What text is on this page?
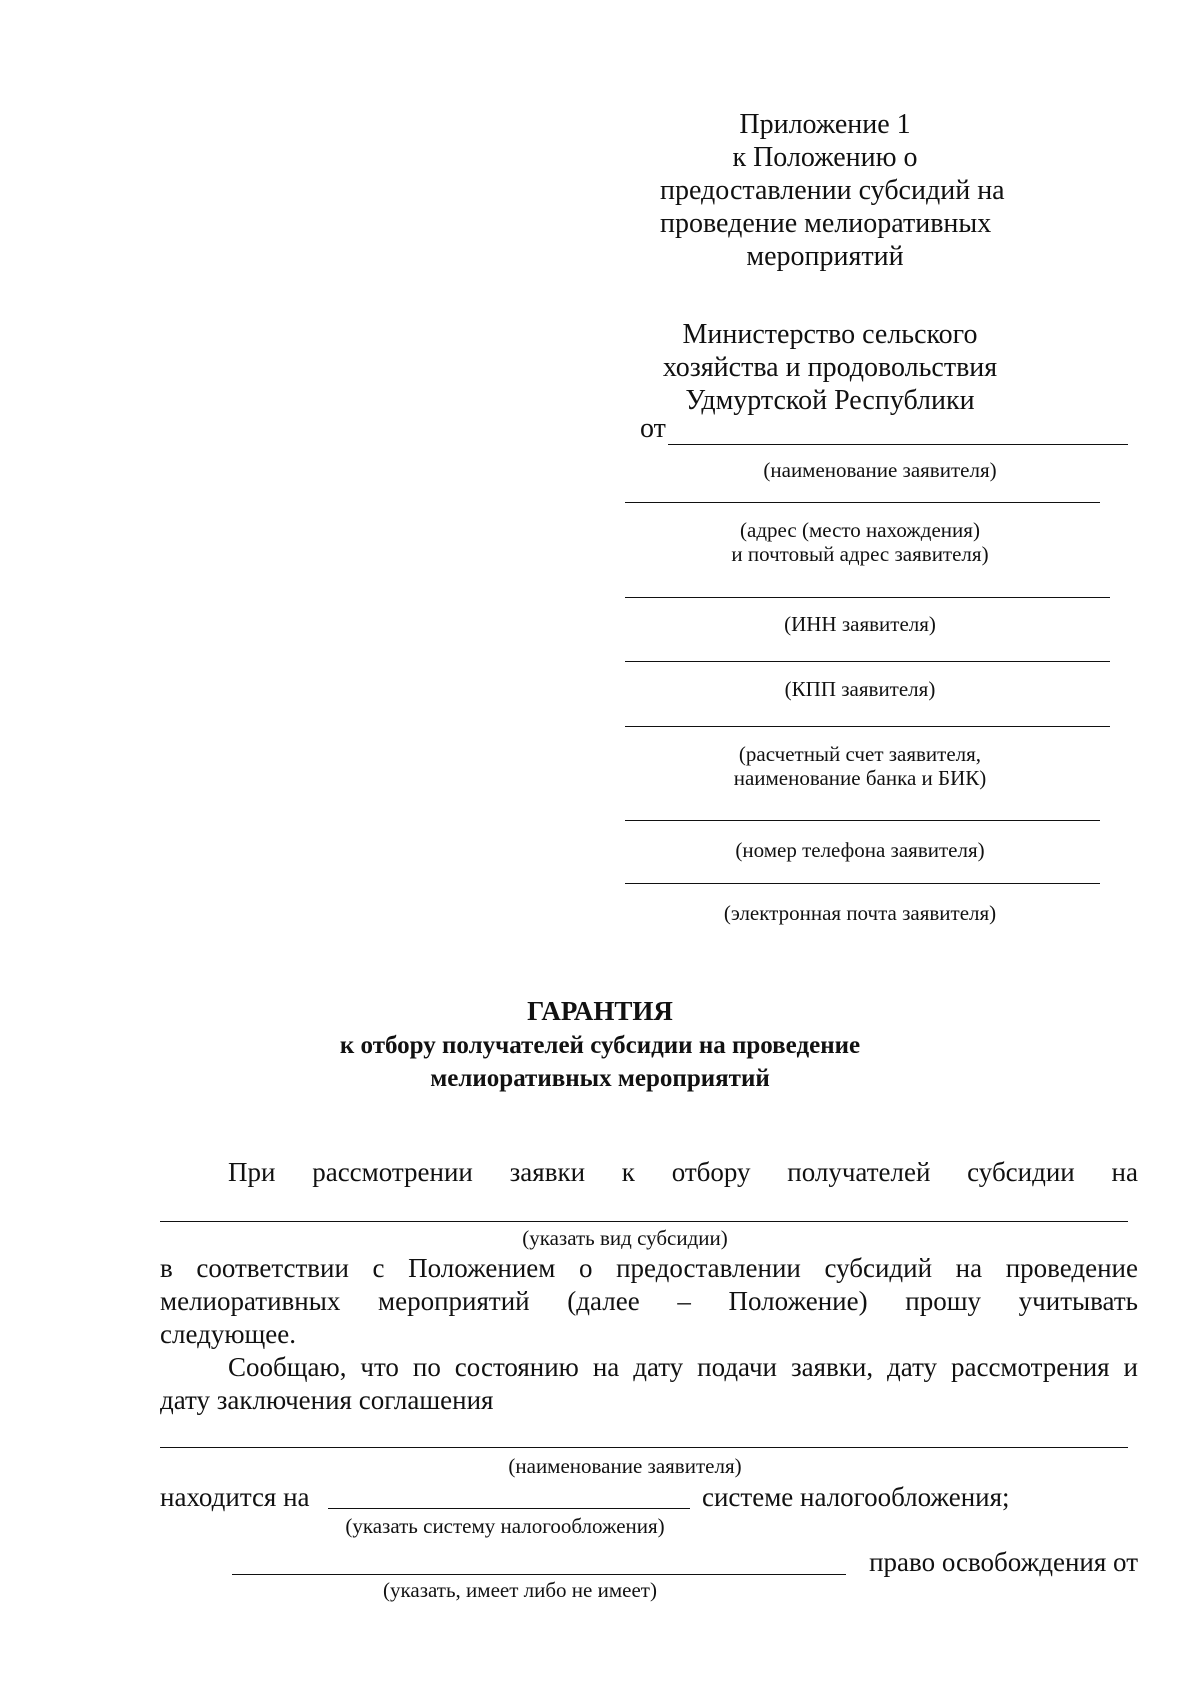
Приложение 1
к Положению о
предоставлении субсидий на
проведение мелиоративных
мероприятий
Министерство сельского
хозяйства и продовольствия
Удмуртской Республики
от
(наименование заявителя)
(адрес (место нахождения)
и почтовый адрес заявителя)
(ИНН заявителя)
(КПП заявителя)
(расчетный счет заявителя,
наименование банка и БИК)
(номер телефона заявителя)
(электронная почта заявителя)
ГАРАНТИЯ
к отбору получателей субсидии на проведение
мелиоративных мероприятий
При рассмотрении заявки к отбору получателей субсидии на
(указать вид субсидии)
в соответствии с Положением о предоставлении субсидий на проведение
мелиоративных мероприятий (далее – Положение) прошу учитывать
следующее.
Сообщаю, что по состоянию на дату подачи заявки, дату рассмотрения и
дату заключения соглашения
(наименование заявителя)
находится на	системе налогообложения;
(указать систему налогообложения)
право освобождения от
(указать, имеет либо не имеет)
